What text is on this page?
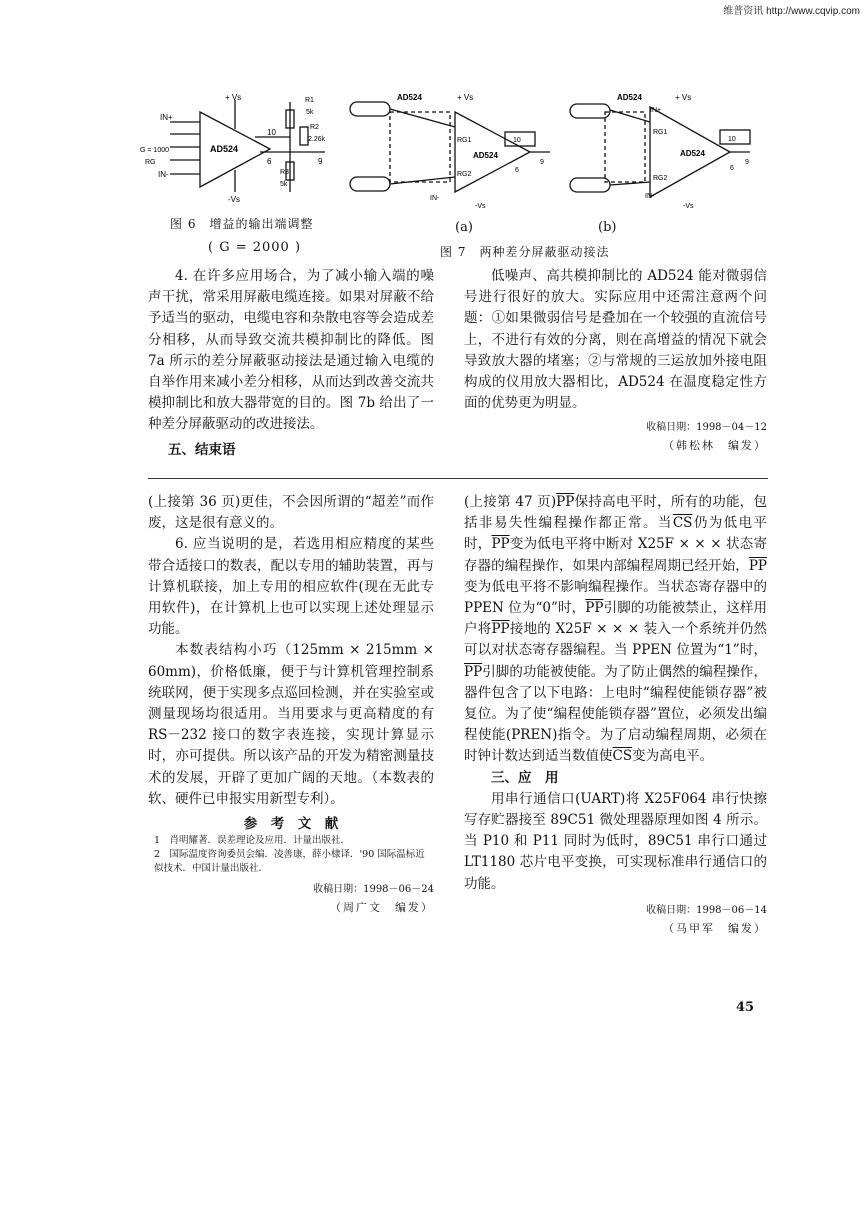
维普资讯 http://www.cqvip.com
+ Vs
-Vs
IN+
IN-
G = 1000
RG
AD524
10
6	9
R1
5k
R2
2.26k
R3
5k
图 6　增益的输出端调整
( G = 2000 )
AD524	+ Vs
RG1
RG2
AD524
10
6
9
IN-
-Vs
AD524	+ Vs
IN+
RG1
RG2
AD524
10
6
9
IN-
-Vs
(a)	(b)
图 7　两种差分屏蔽驱动接法

4. 在许多应用场合，为了减小输入端的噪声干扰，常采用屏蔽电缆连接。如果对屏蔽不给予适当的驱动，电缆电容和杂散电容等会造成差分相移，从而导致交流共模抑制比的降低。图 7a 所示的差分屏蔽驱动接法是通过输入电缆的自举作用来减小差分相移，从而达到改善交流共模抑制比和放大器带宽的目的。图 7b 给出了一种差分屏蔽驱动的改进接法。

五、结束语

低噪声、高共模抑制比的 AD524 能对微弱信号进行很好的放大。实际应用中还需注意两个问题：①如果微弱信号是叠加在一个较强的直流信号上，不进行有效的分离，则在高增益的情况下就会导致放大器的堵塞；②与常规的三运放加外接电阻构成的仪用放大器相比，AD524 在温度稳定性方面的优势更为明显。

收稿日期：1998－04－12
（韩松林　编发）

(上接第 36 页)更佳，不会因所谓的“超差”而作废，这是很有意义的。

6. 应当说明的是，若选用相应精度的某些带合适接口的数表，配以专用的辅助装置，再与计算机联接，加上专用的相应软件(现在无此专用软件)，在计算机上也可以实现上述处理显示功能。

本数表结构小巧（125mm × 215mm × 60mm)，价格低廉，便于与计算机管理控制系统联网，便于实现多点巡回检测，并在实验室或测量现场均很适用。当用要求与更高精度的有 RS－232 接口的数字表连接，实现计算显示时，亦可提供。所以该产品的开发为精密测量技术的发展，开辟了更加广阔的天地。（本数表的软、硬件已申报实用新型专利）。

参　考　文　献
1　肖明耀著．误差理论及应用．计量出版社．
2　国际温度咨询委员会编．凌善康，薛小棣译．'90 国际温标近似技术．中国计量出版社．
收稿日期：1998－06－24
（周广文　编发）

(上接第 47 页)$\overline{PP}$保持高电平时，所有的功能，包括非易失性编程操作都正常。当$\overline{CS}$仍为低电平时，$\overline{PP}$变为低电平将中断对 X25F × × × 状态寄存器的编程操作，如果内部编程周期已经开始，$\overline{PP}$变为低电平将不影响编程操作。当状态寄存器中的 PPEN 位为“0”时，$\overline{PP}$引脚的功能被禁止，这样用户将$\overline{PP}$接地的 X25F × × × 装入一个系统并仍然可以对状态寄存器编程。当 PPEN 位置为“1”时，$\overline{PP}$引脚的功能被使能。为了防止偶然的编程操作，器件包含了以下电路：上电时“编程使能锁存器”被复位。为了使“编程使能锁存器”置位，必须发出编程使能(PREN)指令。为了启动编程周期，必须在时钟计数达到适当数值使$\overline{CS}$变为高电平。

三、应　用

用串行通信口(UART)将 X25F064 串行快擦写存贮器接至 89C51 微处理器原理如图 4 所示。当 P10 和 P11 同时为低时，89C51 串行口通过 LT1180 芯片电平变换，可实现标准串行通信口的功能。

收稿日期：1998－06－14
（马甲军　编发）
45
